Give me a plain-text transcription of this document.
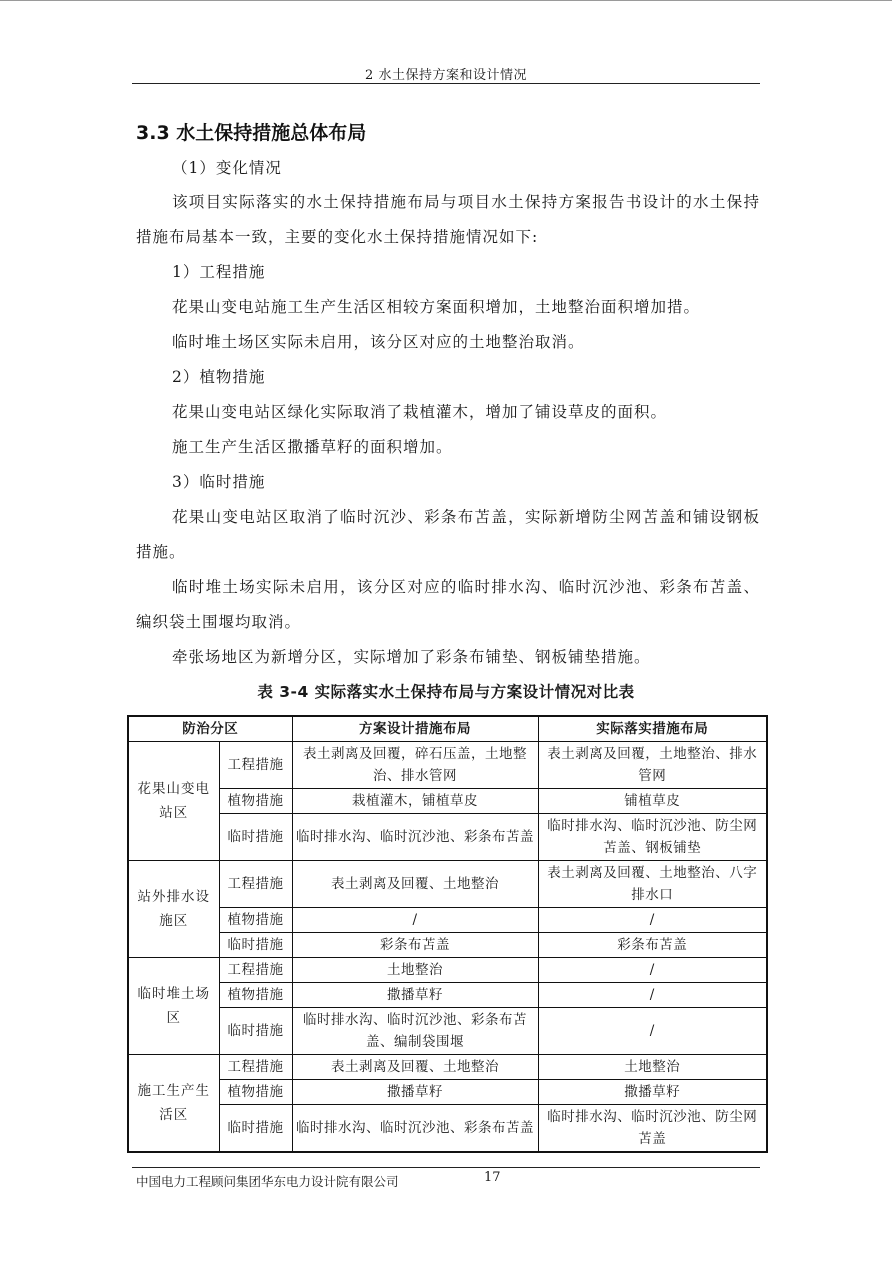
2 水土保持方案和设计情况
3.3 水土保持措施总体布局

（1）变化情况

该项目实际落实的水土保持措施布局与项目水土保持方案报告书设计的水土保持措施布局基本一致，主要的变化水土保持措施情况如下:

1）工程措施

花果山变电站施工生产生活区相较方案面积增加，土地整治面积增加措。

临时堆土场区实际未启用，该分区对应的土地整治取消。

2）植物措施

花果山变电站区绿化实际取消了栽植灌木，增加了铺设草皮的面积。

施工生产生活区撒播草籽的面积增加。

3）临时措施

花果山变电站区取消了临时沉沙、彩条布苫盖，实际新增防尘网苫盖和铺设钢板措施。

临时堆土场实际未启用，该分区对应的临时排水沟、临时沉沙池、彩条布苫盖、编织袋土围堰均取消。

牵张场地区为新增分区，实际增加了彩条布铺垫、钢板铺垫措施。

表 3-4 实际落实水土保持布局与方案设计情况对比表
防治分区		方案设计措施布局	实际落实措施布局
花果山变电站区	工程措施	表土剥离及回覆，碎石压盖，土地整治、排水管网	表土剥离及回覆，土地整治、排水管网
	植物措施	栽植灌木，铺植草皮	铺植草皮
	临时措施	临时排水沟、临时沉沙池、彩条布苫盖	临时排水沟、临时沉沙池、防尘网苫盖、钢板铺垫
站外排水设施区	工程措施	表土剥离及回覆、土地整治	表土剥离及回覆、土地整治、八字排水口
	植物措施	/	/
	临时措施	彩条布苫盖	彩条布苫盖
临时堆土场区	工程措施	土地整治	/
	植物措施	撒播草籽	/
	临时措施	临时排水沟、临时沉沙池、彩条布苫盖、编制袋围堰	/
施工生产生活区	工程措施	表土剥离及回覆、土地整治	土地整治
	植物措施	撒播草籽	撒播草籽
	临时措施	临时排水沟、临时沉沙池、彩条布苫盖	临时排水沟、临时沉沙池、防尘网苫盖
中国电力工程顾问集团华东电力设计院有限公司	17
